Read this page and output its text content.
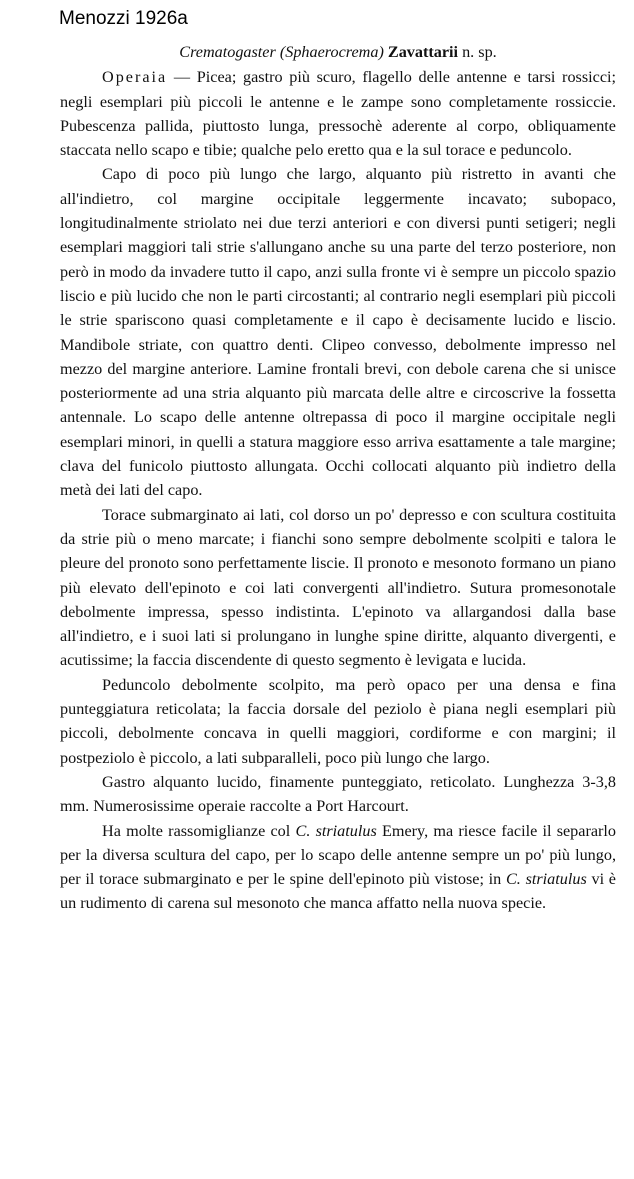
Menozzi 1926a
Crematogaster (Sphaerocrema) Zavattarii n. sp.

Operaia — Picea; gastro più scuro, flagello delle antenne e tarsi rossicci; negli esemplari più piccoli le antenne e le zampe sono completamente rossiccie. Pubescenza pallida, piuttosto lunga, pressochè aderente al corpo, obliquamente staccata nello scapo e tibie; qualche pelo eretto qua e la sul torace e peduncolo.

Capo di poco più lungo che largo, alquanto più ristretto in avanti che all'indietro, col margine occipitale leggermente incavato; subopaco, longitudinalmente striolato nei due terzi anteriori e con diversi punti setigeri; negli esemplari maggiori tali strie s'allungano anche su una parte del terzo posteriore, non però in modo da invadere tutto il capo, anzi sulla fronte vi è sempre un piccolo spazio liscio e più lucido che non le parti circostanti; al contrario negli esemplari più piccoli le strie spariscono quasi completamente e il capo è decisamente lucido e liscio. Mandibole striate, con quattro denti. Clipeo convesso, debolmente impresso nel mezzo del margine anteriore. Lamine frontali brevi, con debole carena che si unisce posteriormente ad una stria alquanto più marcata delle altre e circoscrive la fossetta antennale. Lo scapo delle antenne oltrepassa di poco il margine occipitale negli esemplari minori, in quelli a statura maggiore esso arriva esattamente a tale margine; clava del funicolo piuttosto allungata. Occhi collocati alquanto più indietro della metà dei lati del capo.

Torace submarginato ai lati, col dorso un po' depresso e con scultura costituita da strie più o meno marcate; i fianchi sono sempre debolmente scolpiti e talora le pleure del pronoto sono perfettamente liscie. Il pronoto e mesonoto formano un piano più elevato dell'epinoto e coi lati convergenti all'indietro. Sutura promesonotale debolmente impressa, spesso indistinta. L'epinoto va allargandosi dalla base all'indietro, e i suoi lati si prolungano in lunghe spine diritte, alquanto divergenti, e acutissime; la faccia discendente di questo segmento è levigata e lucida.

Peduncolo debolmente scolpito, ma però opaco per una densa e fina punteggiatura reticolata; la faccia dorsale del peziolo è piana negli esemplari più piccoli, debolmente concava in quelli maggiori, cordiforme e con margini; il postpeziolo è piccolo, a lati subparalleli, poco più lungo che largo.

Gastro alquanto lucido, finamente punteggiato, reticolato. Lunghezza 3-3,8 mm. Numerosissime operaie raccolte a Port Harcourt.

Ha molte rassomiglianze col C. striatulus Emery, ma riesce facile il separarlo per la diversa scultura del capo, per lo scapo delle antenne sempre un po' più lungo, per il torace submarginato e per le spine dell'epinoto più vistose; in C. striatulus vi è un rudimento di carena sul mesonoto che manca affatto nella nuova specie.
